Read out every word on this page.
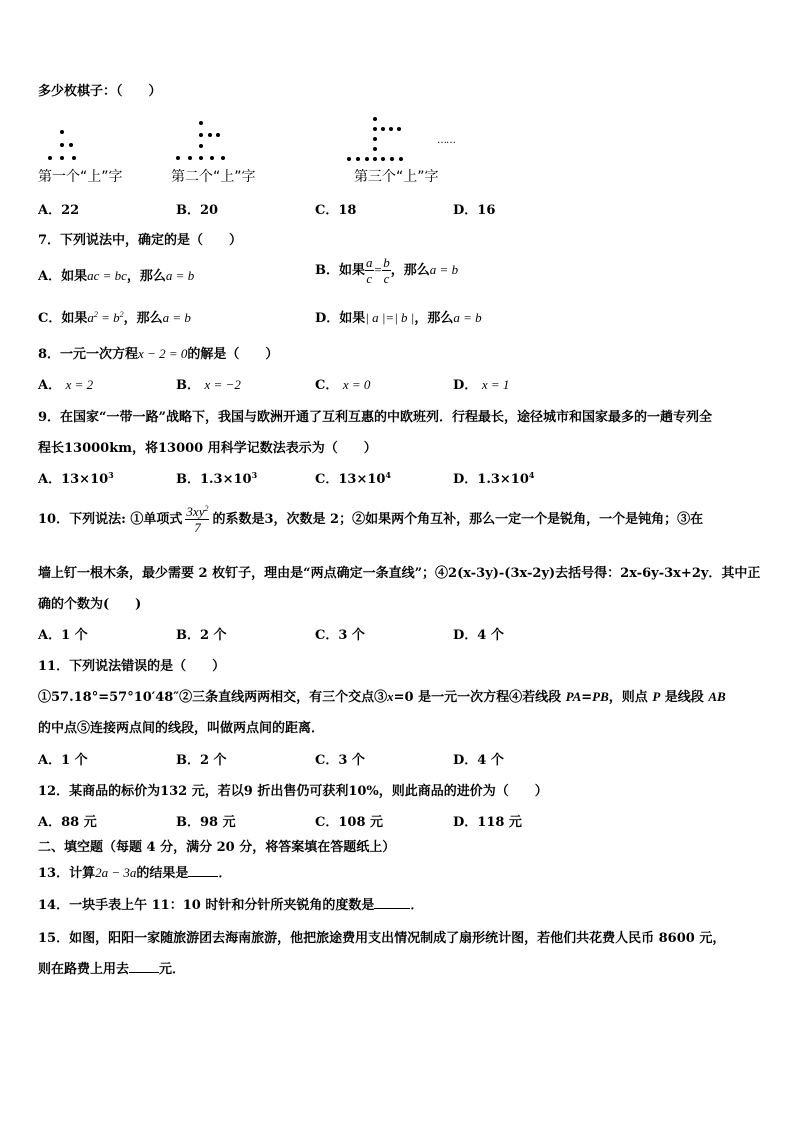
多少枚棋子：（　　）
第一个“上”字	第二个“上”字	第三个“上”字
……
A．22	B．20	C．18	D．16
7．下列说法中，确定的是（　　）
A．如果ac = bc，那么a = b	B．如果 $\frac{a}{c} = \frac{b}{c}$ ，那么a = b
C．如果$a^2 = b^2$，那么a = b	D．如果| a |=| b |，那么a = b
8．一元一次方程x − 2 = 0的解是（　　）
A． x = 2	B． x = −2	C． x = 0	D． x = 1
9．在国家“一带一路”战略下，我国与欧洲开通了互利互惠的中欧班列．行程最长，途径城市和国家最多的一趟专列全
程长13000km，将13000 用科学记数法表示为（　　）
A．$13\times 10^3$	B．$1.3\times 10^3$	C．$13\times 10^4$	D．$1.3\times 10^4$
10．下列说法: ①单项式 $\frac{3xy^2}{7}$ 的系数是3，次数是 2；②如果两个角互补，那么一定一个是锐角，一个是钝角；③在
墙上钉一根木条，最少需要 2 枚钉子，理由是“两点确定一条直线”；④2(x-3y)-(3x-2y)去括号得：2x-6y-3x+2y．其中正
确的个数为(　　)
A．1 个	B．2 个	C．3 个	D．4 个
11．下列说法错误的是（　　）
①57.18°=57°10′48″②三条直线两两相交，有三个交点③x=0 是一元一次方程④若线段 PA=PB，则点 P 是线段 AB
的中点⑤连接两点间的线段，叫做两点间的距离．
A．1 个	B．2 个	C．3 个	D．4 个
12．某商品的标价为132 元，若以9 折出售仍可获利10%，则此商品的进价为（　　）
A．88 元	B．98 元	C．108 元	D．118 元
二、填空题（每题 4 分，满分 20 分，将答案填在答题纸上）
13．计算2a − 3a的结果是 ．
14．一块手表上午 11：10 时针和分针所夹锐角的度数是	．
15．如图，阳阳一家随旅游团去海南旅游，他把旅途费用支出情况制成了扇形统计图，若他们共花费人民币 8600 元，
则在路费上用去 元．
